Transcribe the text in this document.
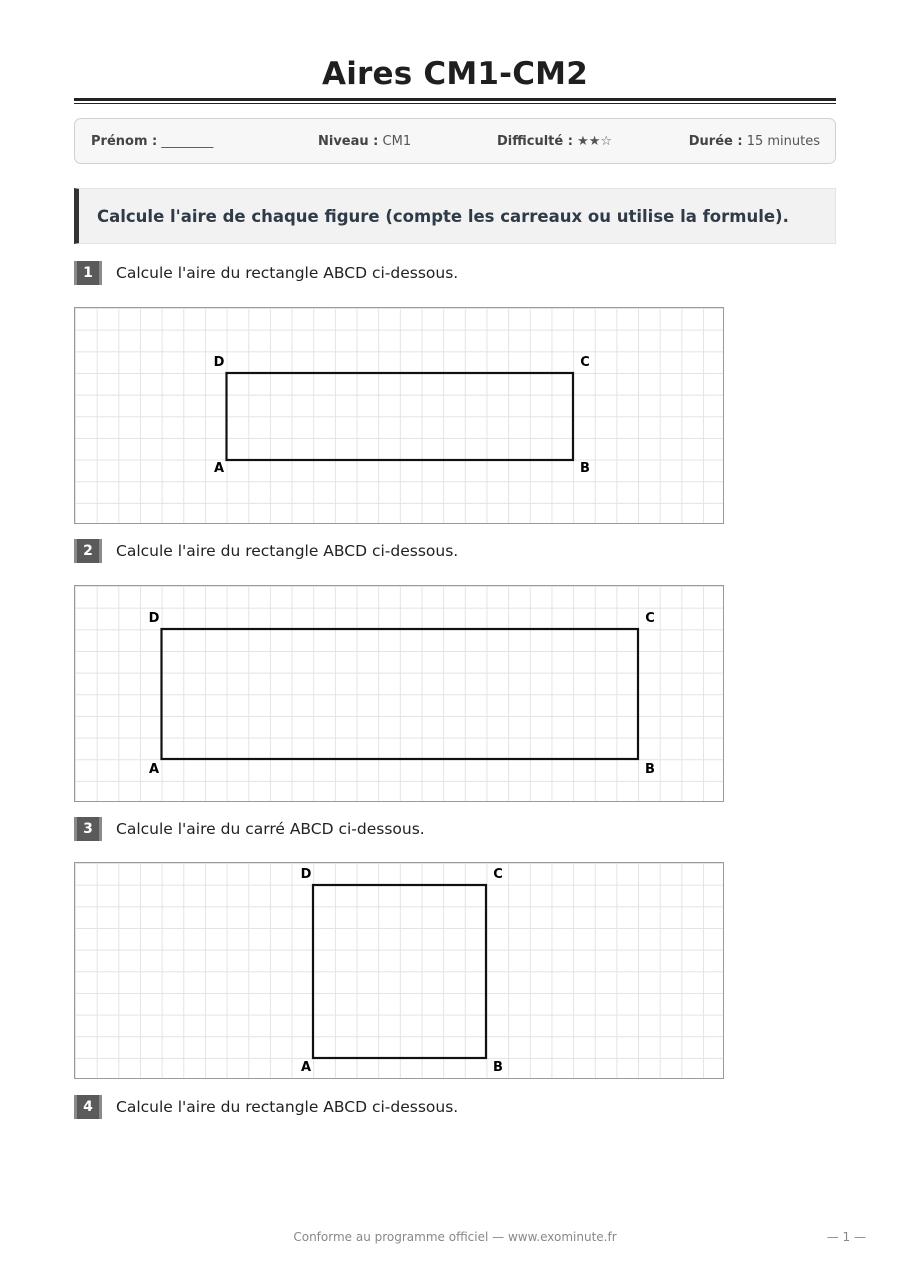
Aires CM1-CM2
Prénom : ________	Niveau : CM1	Difficulté : ★★☆	Durée : 15 minutes
Calcule l'aire de chaque figure (compte les carreaux ou utilise la formule).
1	Calcule l'aire du rectangle ABCD ci-dessous.
D	C
A	B
2	Calcule l'aire du rectangle ABCD ci-dessous.
D	C
A	B
3	Calcule l'aire du carré ABCD ci-dessous.
D	C
A	B
4	Calcule l'aire du rectangle ABCD ci-dessous.
Conforme au programme officiel — www.exominute.fr	— 1 —
